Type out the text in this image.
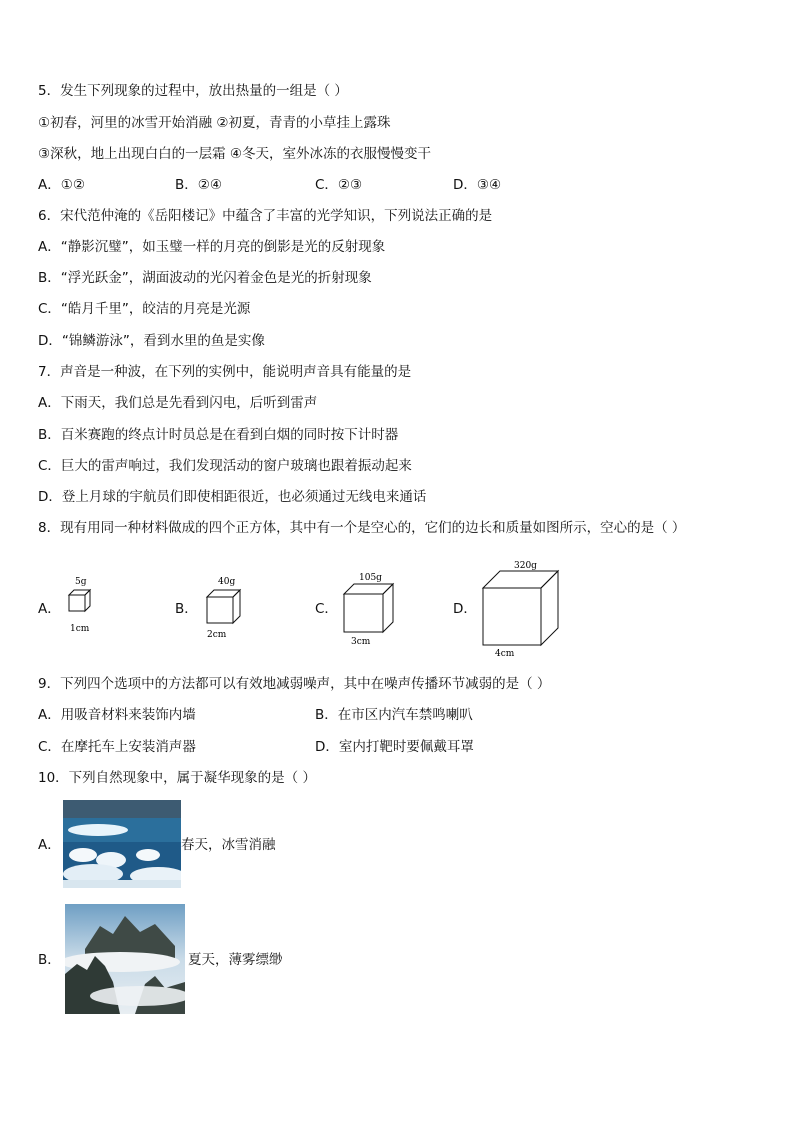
5．发生下列现象的过程中，放出热量的一组是（ ）
①初春，河里的冰雪开始消融 ②初夏，青青的小草挂上露珠
③深秋，地上出现白白的一层霜 ④冬天，室外冰冻的衣服慢慢变干
A．①②	B．②④	C．②③	D．③④
6．宋代范仲淹的《岳阳楼记》中蕴含了丰富的光学知识，下列说法正确的是
A．“静影沉璧”，如玉璧一样的月亮的倒影是光的反射现象
B．“浮光跃金”，湖面波动的光闪着金色是光的折射现象
C．“皓月千里”，皎洁的月亮是光源
D．“锦鳞游泳”，看到水里的鱼是实像
7．声音是一种波，在下列的实例中，能说明声音具有能量的是
A．下雨天，我们总是先看到闪电，后听到雷声
B．百米赛跑的终点计时员总是在看到白烟的同时按下计时器
C．巨大的雷声响过，我们发现活动的窗户玻璃也跟着振动起来
D．登上月球的宇航员们即使相距很近，也必须通过无线电来通话
8．现有用同一种材料做成的四个正方体，其中有一个是空心的，它们的边长和质量如图所示，空心的是（ ）
A．
5g
1cm
B．
40g
2cm
C．
105g
3cm
D．
320g
4cm
9．下列四个选项中的方法都可以有效地减弱噪声，其中在噪声传播环节减弱的是（ ）
A．用吸音材料来装饰内墙	B．在市区内汽车禁鸣喇叭
C．在摩托车上安装消声器	D．室内打靶时要佩戴耳罩
10．下列自然现象中，属于凝华现象的是（ ）
A．	春天，冰雪消融
B．	夏天，薄雾缥缈
